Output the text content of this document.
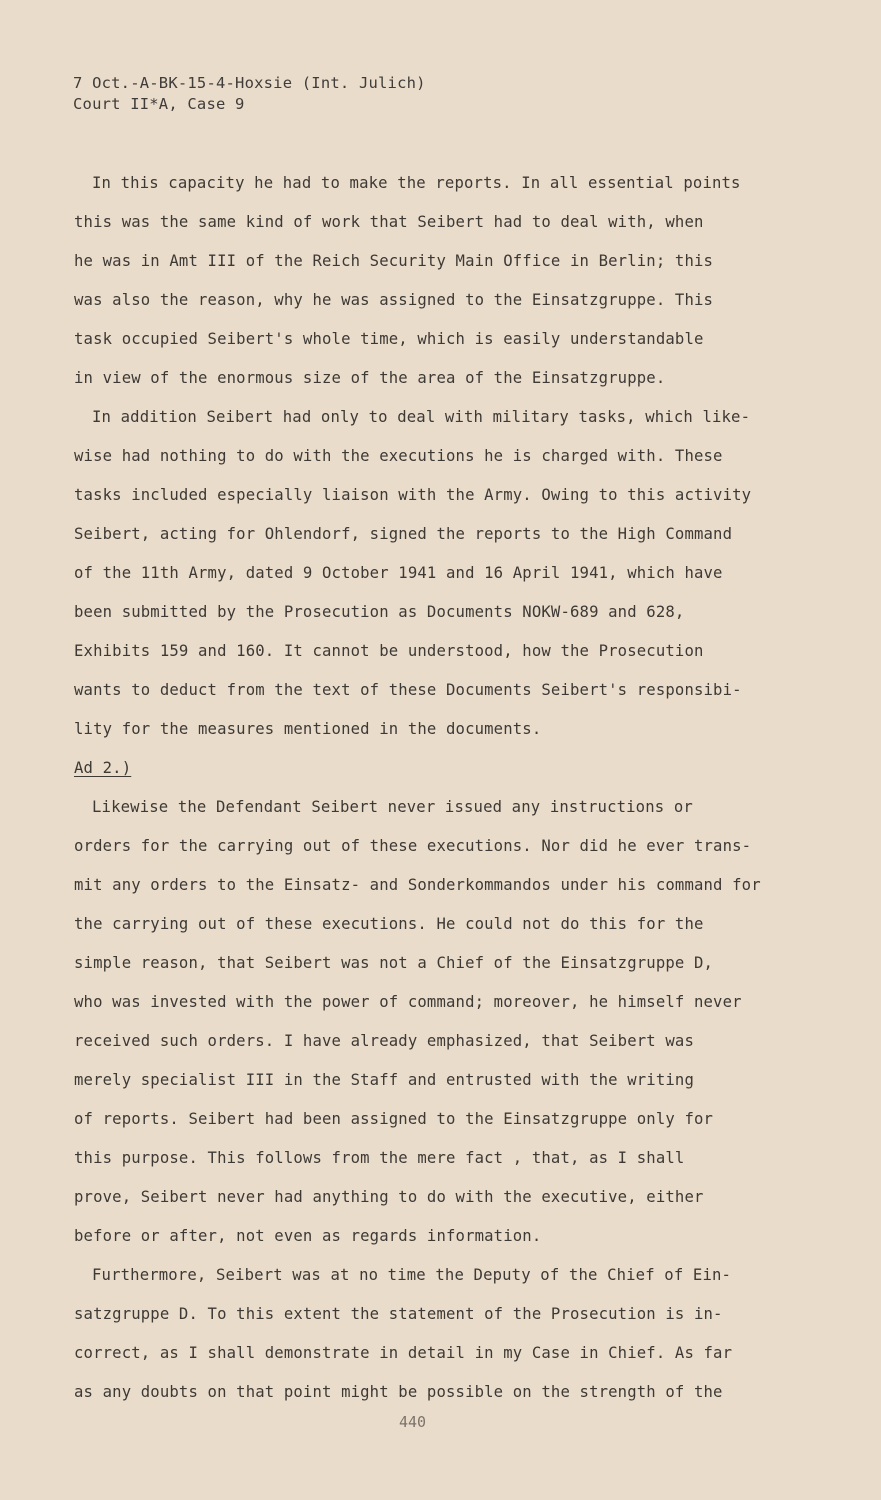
7 Oct.-A-BK-15-4-Hoxsie (Int. Julich)
Court II*A, Case 9
In this capacity he had to make the reports. In all essential points
this was the same kind of work that Seibert had to deal with, when
he was in Amt III of the Reich Security Main Office in Berlin; this
was also the reason, why he was assigned to the Einsatzgruppe. This
task occupied Seibert's whole time, which is easily understandable
in view of the enormous size of the area of the Einsatzgruppe.
In addition Seibert had only to deal with military tasks, which like-
wise had nothing to do with the executions he is charged with. These
tasks included especially liaison with the Army. Owing to this activity
Seibert, acting for Ohlendorf, signed the reports to the High Command
of the 11th Army, dated 9 October 1941 and 16 April 1941, which have
been submitted by the Prosecution as Documents NOKW-689 and 628,
Exhibits 159 and 160. It cannot be understood, how the Prosecution
wants to deduct from the text of these Documents Seibert's responsibi-
lity for the measures mentioned in the documents.
Ad 2.)
Likewise the Defendant Seibert never issued any instructions or
orders for the carrying out of these executions. Nor did he ever trans-
mit any orders to the Einsatz- and Sonderkommandos under his command for
the carrying out of these executions. He could not do this for the
simple reason, that Seibert was not a Chief of the Einsatzgruppe D,
who was invested with the power of command; moreover, he himself never
received such orders. I have already emphasized, that Seibert was
merely specialist III in the Staff and entrusted with the writing
of reports. Seibert had been assigned to the Einsatzgruppe only for
this purpose. This follows from the mere fact , that, as I shall
prove, Seibert never had anything to do with the executive, either
before or after, not even as regards information.
Furthermore, Seibert was at no time the Deputy of the Chief of Ein-
satzgruppe D. To this extent the statement of the Prosecution is in-
correct, as I shall demonstrate in detail in my Case in Chief. As far
as any doubts on that point might be possible on the strength of the
440
